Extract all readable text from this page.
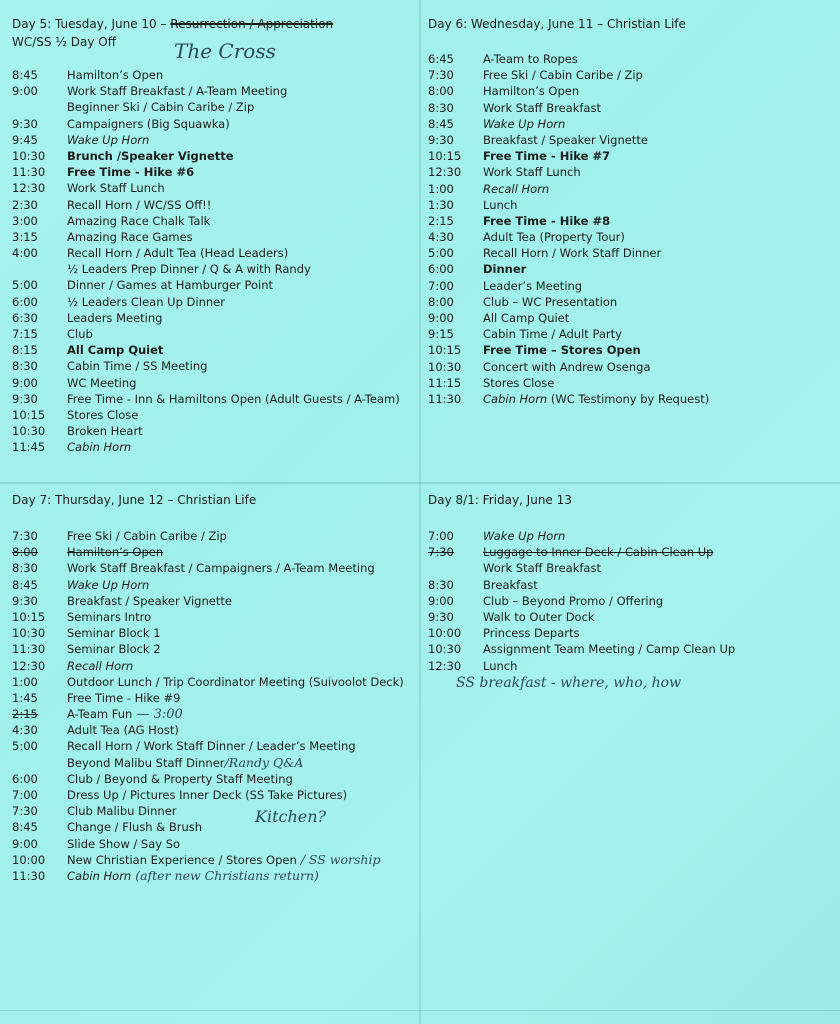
Day 5: Tuesday, June 10 – Resurrection / Appreciation
WC/SS ½ Day Off	The Cross
8:45	Hamilton’s Open
9:00	Work Staff Breakfast / A-Team Meeting
Beginner Ski / Cabin Caribe / Zip
9:30	Campaigners (Big Squawka)
9:45	Wake Up Horn
10:30	Brunch /Speaker Vignette
11:30	Free Time - Hike #6
12:30	Work Staff Lunch
2:30	Recall Horn / WC/SS Off!!
3:00	Amazing Race Chalk Talk
3:15	Amazing Race Games
4:00	Recall Horn / Adult Tea (Head Leaders)
½ Leaders Prep Dinner / Q & A with Randy
5:00	Dinner / Games at Hamburger Point
6:00	½ Leaders Clean Up Dinner
6:30	Leaders Meeting
7:15	Club
8:15	All Camp Quiet
8:30	Cabin Time / SS Meeting
9:00	WC Meeting
9:30	Free Time - Inn & Hamiltons Open (Adult Guests / A-Team)
10:15	Stores Close
10:30	Broken Heart
11:45	Cabin Horn
Day 6: Wednesday, June 11 – Christian Life
6:45	A-Team to Ropes
7:30	Free Ski / Cabin Caribe / Zip
8:00	Hamilton’s Open
8:30	Work Staff Breakfast
8:45	Wake Up Horn
9:30	Breakfast / Speaker Vignette
10:15	Free Time - Hike #7
12:30	Work Staff Lunch
1:00	Recall Horn
1:30	Lunch
2:15	Free Time - Hike #8
4:30	Adult Tea (Property Tour)
5:00	Recall Horn / Work Staff Dinner
6:00	Dinner
7:00	Leader’s Meeting
8:00	Club – WC Presentation
9:00	All Camp Quiet
9:15	Cabin Time / Adult Party
10:15	Free Time – Stores Open
10:30	Concert with Andrew Osenga
11:15	Stores Close
11:30	Cabin Horn (WC Testimony by Request)
Day 7: Thursday, June 12 – Christian Life
7:30	Free Ski / Cabin Caribe / Zip
8:00	Hamilton’s Open
8:30	Work Staff Breakfast / Campaigners / A-Team Meeting
8:45	Wake Up Horn
9:30	Breakfast / Speaker Vignette
10:15	Seminars Intro
10:30	Seminar Block 1
11:30	Seminar Block 2
12:30	Recall Horn
1:00	Outdoor Lunch / Trip Coordinator Meeting (Suivoolot Deck)
1:45	Free Time - Hike #9
2:15	A-Team Fun — 3:00
4:30	Adult Tea (AG Host)
5:00	Recall Horn / Work Staff Dinner / Leader’s Meeting
Beyond Malibu Staff Dinner/Randy Q&A
6:00	Club / Beyond & Property Staff Meeting
7:00	Dress Up / Pictures Inner Deck (SS Take Pictures)
7:30	Club Malibu Dinner
8:45	Change / Flush & Brush
9:00	Slide Show / Say So
10:00	New Christian Experience / Stores Open / SS worship
11:30	Cabin Horn (after new Christians return)
Kitchen?
Day 8/1: Friday, June 13
7:00	Wake Up Horn
7:30	Luggage to Inner Deck / Cabin Clean Up
Work Staff Breakfast
8:30	Breakfast
9:00	Club – Beyond Promo / Offering
9:30	Walk to Outer Dock
10:00	Princess Departs
10:30	Assignment Team Meeting / Camp Clean Up
12:30	Lunch
SS breakfast - where, who, how
